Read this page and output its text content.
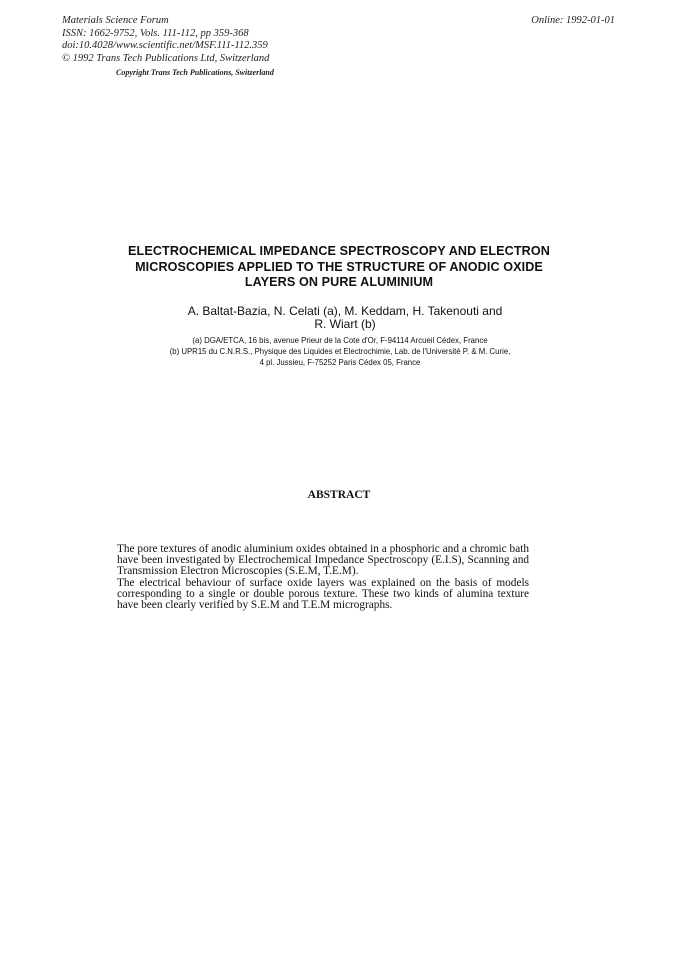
Materials Science Forum
ISSN: 1662-9752, Vols. 111-112, pp 359-368
doi:10.4028/www.scientific.net/MSF.111-112.359
© 1992 Trans Tech Publications Ltd, Switzerland
Online: 1992-01-01
Copyright Trans Tech Publications, Switzerland
ELECTROCHEMICAL IMPEDANCE SPECTROSCOPY AND ELECTRON
MICROSCOPIES APPLIED TO THE STRUCTURE OF ANODIC OXIDE
LAYERS ON PURE ALUMINIUM
A. Baltat-Bazia, N. Celati (a), M. Keddam, H. Takenouti and
R. Wiart (b)
(a) DGA/ETCA, 16 bis, avenue Prieur de la Cote d'Or, F-94114 Arcueil Cédex, France
(b) UPR15 du C.N.R.S., Physique des Liquides et Electrochimie, Lab. de l'Université P. & M. Curie,
4 pl. Jussieu, F-75252 Paris Cédex 05, France
ABSTRACT

The pore textures of anodic aluminium oxides obtained in a phosphoric and a chromic bath have been investigated by Electrochemical Impedance Spectroscopy (E.I.S), Scanning and Transmission Electron Microscopies (S.E.M, T.E.M).

The electrical behaviour of surface oxide layers was explained on the basis of models corresponding to a single or double porous texture. These two kinds of alumina texture have been clearly verified by S.E.M and T.E.M micrographs.
